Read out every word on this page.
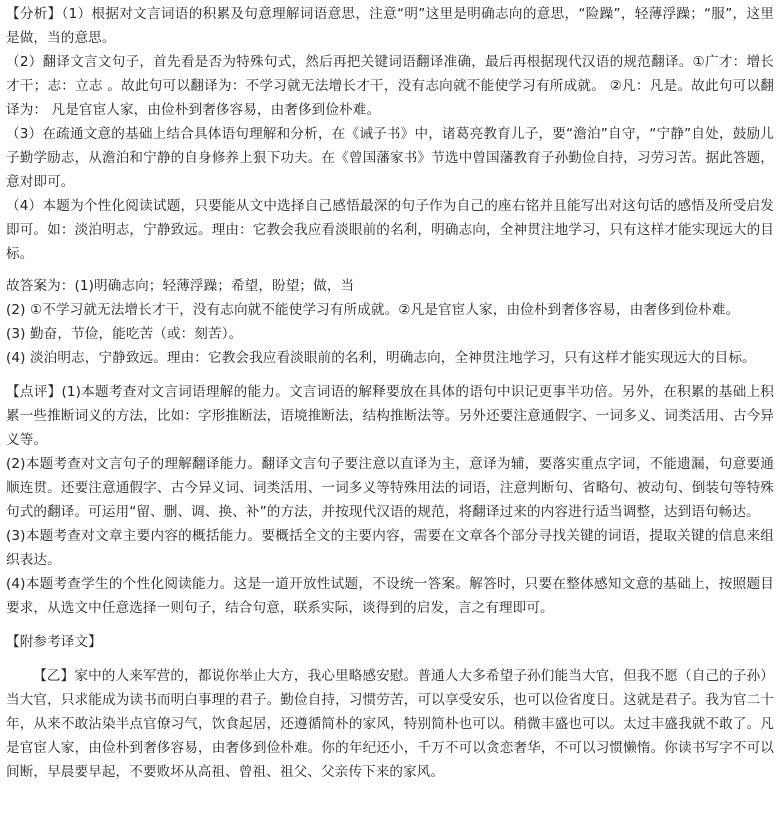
【分析】（1）根据对文言词语的积累及句意理解词语意思，注意“明”这里是明确志向的意思，“险躁”，轻薄浮躁；“服”，这里是做，当的意思。

（2）翻译文言文句子，首先看是否为特殊句式，然后再把关键词语翻译准确，最后再根据现代汉语的规范翻译。①广才：增长才干；志：立志 。故此句可以翻译为：不学习就无法增长才干，没有志向就不能使学习有所成就。 ②凡：凡是。故此句可以翻译为： 凡是官宦人家，由俭朴到奢侈容易，由奢侈到俭朴难。

（3）在疏通文意的基础上结合具体语句理解和分析，在《诫子书》中，诸葛亮教育儿子，要“澹泊”自守，“宁静”自处，鼓励儿子勤学励志，从澹泊和宁静的自身修养上狠下功夫。在《曾国藩家书》节选中曾国藩教育子孙勤俭自持，习劳习苦。据此答题，意对即可。

（4）本题为个性化阅读试题，只要能从文中选择自己感悟最深的句子作为自己的座右铭并且能写出对这句话的感悟及所受启发即可。如：淡泊明志，宁静致远。理由：它教会我应看淡眼前的名利，明确志向，全神贯注地学习，只有这样才能实现远大的目标。

故答案为：(1)明确志向；轻薄浮躁；希望，盼望；做，当

(2) ①不学习就无法增长才干，没有志向就不能使学习有所成就。②凡是官宦人家，由俭朴到奢侈容易，由奢侈到俭朴难。

(3) 勤奋，节俭，能吃苦（或：刻苦）。

(4) 淡泊明志，宁静致远。理由：它教会我应看淡眼前的名利，明确志向，全神贯注地学习，只有这样才能实现远大的目标。

【点评】(1)本题考查对文言词语理解的能力。文言词语的解释要放在具体的语句中识记更事半功倍。另外，在积累的基础上积累一些推断词义的方法，比如：字形推断法，语境推断法，结构推断法等。另外还要注意通假字、一词多义、词类活用、古今异义等。

(2)本题考查对文言句子的理解翻译能力。翻译文言句子要注意以直译为主，意译为辅，要落实重点字词，不能遗漏，句意要通顺连贯。还要注意通假字、古今异义词、词类活用、一词多义等特殊用法的词语，注意判断句、省略句、被动句、倒装句等特殊句式的翻译。可运用“留、删、调、换、补”的方法，并按现代汉语的规范，将翻译过来的内容进行适当调整，达到语句畅达。

(3)本题考查对文章主要内容的概括能力。要概括全文的主要内容，需要在文章各个部分寻找关键的词语，提取关键的信息来组织表达。

(4)本题考查学生的个性化阅读能力。这是一道开放性试题，不设统一答案。解答时，只要在整体感知文意的基础上，按照题目要求，从选文中任意选择一则句子，结合句意，联系实际，谈得到的启发，言之有理即可。

【附参考译文】

【乙】家中的人来军营的，都说你举止大方，我心里略感安慰。普通人大多希望子孙们能当大官，但我不愿（自己的子孙）当大官，只求能成为读书而明白事理的君子。勤俭自持，习惯劳苦，可以享受安乐，也可以俭省度日。这就是君子。我为官二十年，从来不敢沾染半点官僚习气，饮食起居，还遵循简朴的家风，特别简朴也可以。稍微丰盛也可以。太过丰盛我就不敢了。凡是官宦人家，由俭朴到奢侈容易，由奢侈到俭朴难。你的年纪还小，千万不可以贪恋奢华，不可以习惯懒惰。你读书写字不可以间断，早晨要早起，不要败坏从高祖、曾祖、祖父、父亲传下来的家风。
